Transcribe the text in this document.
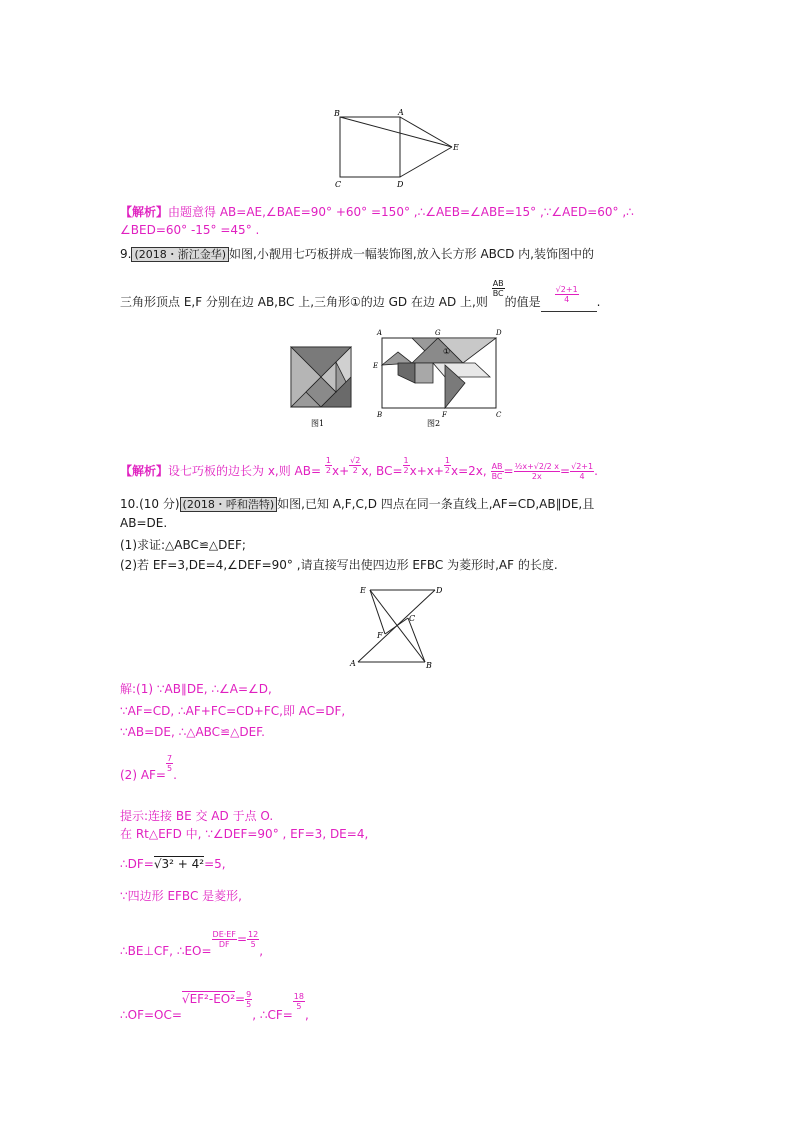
B	A
E
C	D
【解析】由题意得 AB=AE,∠BAE=90° +60° =150° ,∴∠AEB=∠ABE=15° ,∵∠AED=60° ,∴
∠BED=60° -15° =45° .
9. (2018・浙江金华) 如图,小靓用七巧板拼成一幅装饰图,放入长方形 ABCD 内,装饰图中的
三角形顶点 E,F 分别在边 AB,BC 上,三角形①的边 GD 在边 AD 上,则
$\frac{AB}{BC}$
的值是 $\frac{√2+1}{4}$ .
图1
①
A	G	D
E
B	F	C
图2
【解析】设七巧板的边长为 x,则 $AB= \frac{1}{2} x+ \frac{√2}{2} x$, $BC= \frac{1}{2} x+x+ \frac{1}{2} x=2x$, $\frac{AB}{BC} = \frac{\text{½x+√2/2 x}}{2x} = \frac{√2+1}{4}$ .
10.(10 分) (2018・呼和浩特) 如图,已知 A,F,C,D 四点在同一条直线上,AF=CD,AB∥DE,且
AB=DE.
(1)求证:△ABC≌△DEF;
(2)若 EF=3,DE=4,∠DEF=90° ,请直接写出使四边形 EFBC 为菱形时,AF 的长度.
E	D
F
C
A	B
解:(1) ∵AB∥DE, ∴∠A=∠D,
∵AF=CD, ∴AF+FC=CD+FC,即 AC=DF,
∵AB=DE, ∴△ABC≌△DEF.
(2) AF=
$\frac{7}{5}$
.
提示:连接 BE 交 AD 于点 O.
在 Rt△EFD 中, ∵∠DEF=90° , EF=3, DE=4,
∴DF=√3² + 4²=5,
∵四边形 EFBC 是菱形,
∴BE⊥CF, ∴EO=
$\frac{DE\cdot EF}{DF} = \frac{12}{5}$
,
∴OF=OC=√EF²-EO²= $\frac{9}{5}$
, ∴CF=
$\frac{18}{5}$
,
